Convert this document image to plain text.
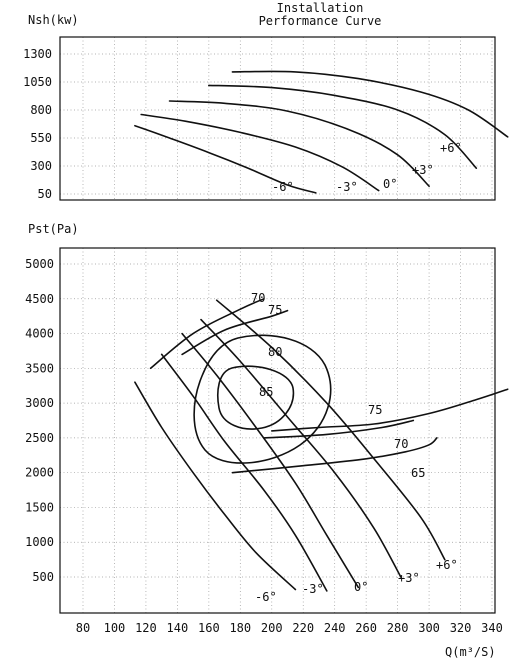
Installation
Performance Curve
Nsh(kw)
50
300
550
800
1050
1300
-6°	-3° 0°
+3°
+6°
Pst(Pa)
500
1000
1500
2000
2500
3000
3500
4000
4500
5000
80 100 120 140 160 180 200 220 240 260 280 300 320 340
70
75
80
85
75
70
65
-6°
-3°	0°
+3°
+6°
Q(m³/S)
